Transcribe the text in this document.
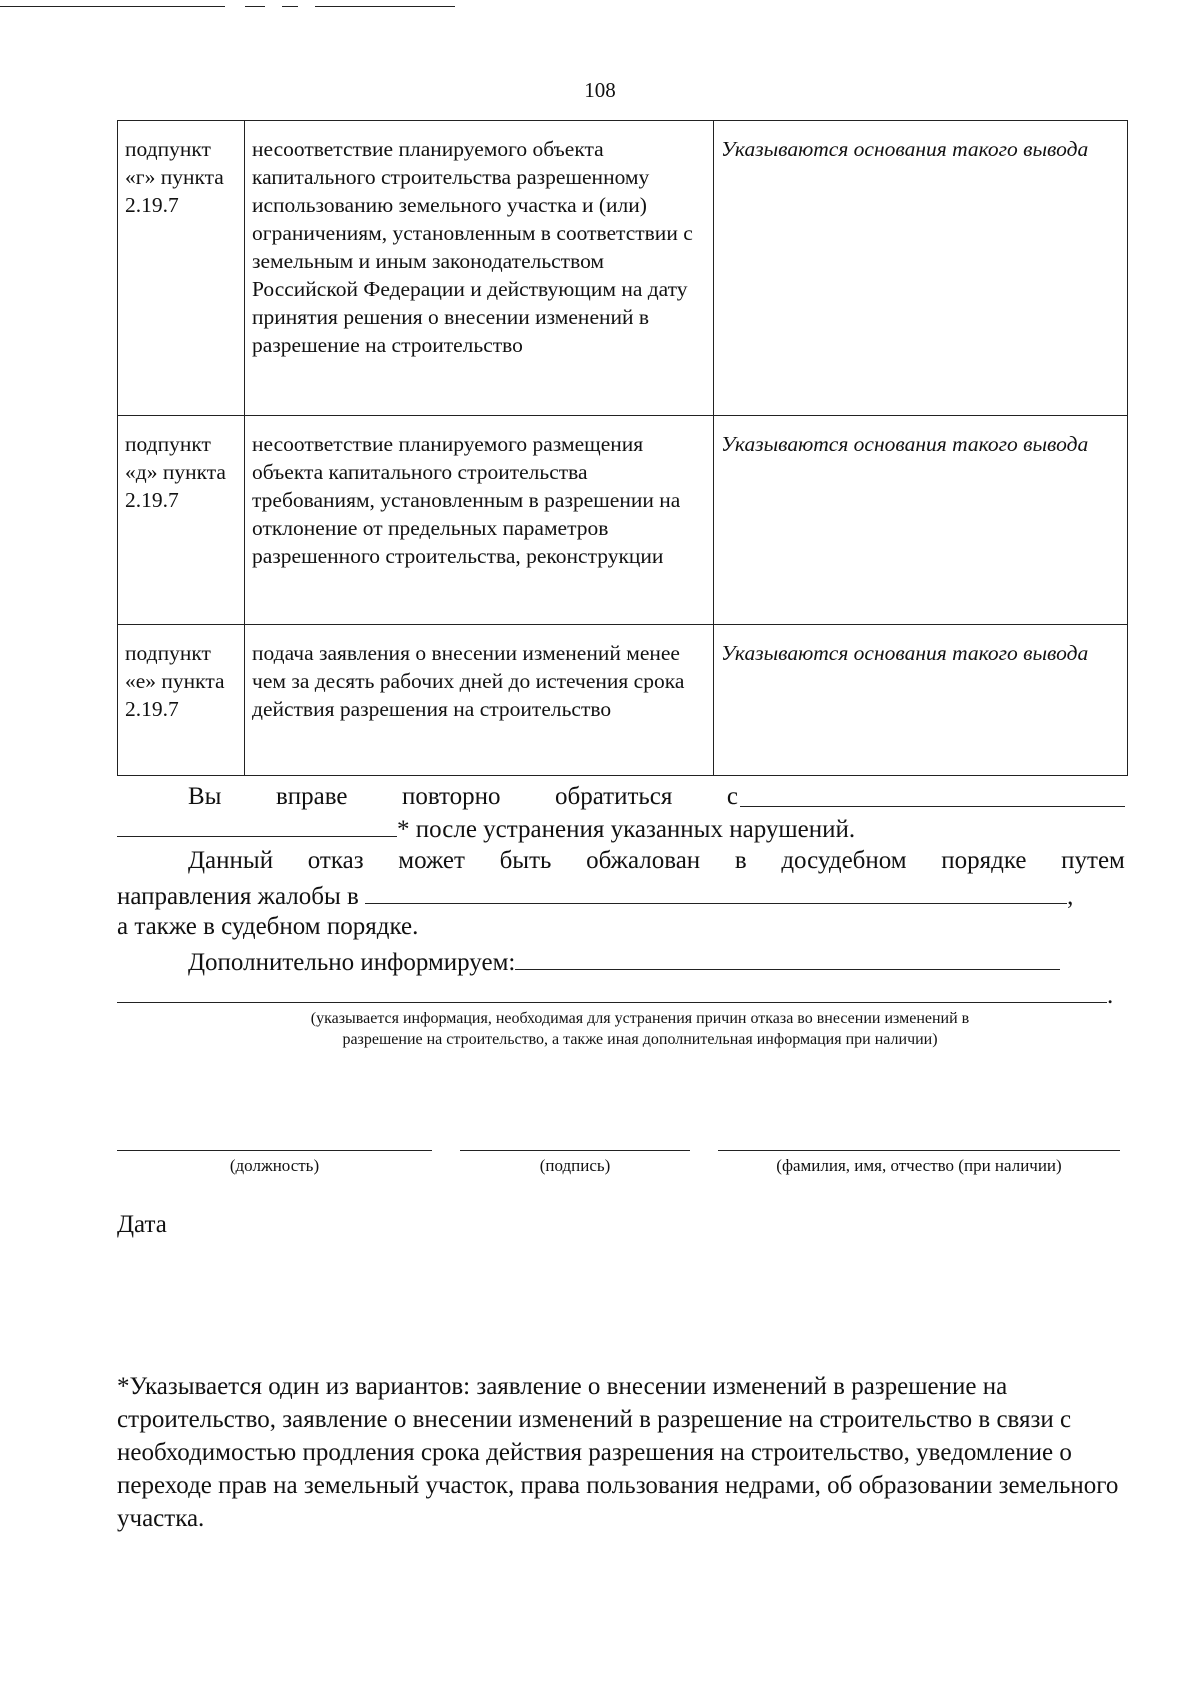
108
подпункт «г» пункта 2.19.7	несоответствие планируемого объекта капитального строительства разрешенному использованию земельного участка и (или) ограничениям, установленным в соответствии с земельным и иным законодательством Российской Федерации и действующим на дату принятия решения о внесении изменений в разрешение на строительство	Указываются основания такого вывода
подпункт «д» пункта 2.19.7	несоответствие планируемого размещения объекта капитального строительства требованиям, установленным в разрешении на отклонение от предельных параметров разрешенного строительства, реконструкции	Указываются основания такого вывода
подпункт «е» пункта 2.19.7	подача заявления о внесении изменений менее чем за десять рабочих дней до истечения срока действия разрешения на строительство	Указываются основания такого вывода
Вы вправе повторно обратиться с
* после устранения указанных нарушений.
Данный отказ может быть обжалован в досудебном порядке путем
направления жалобы в	,
а также в судебном порядке.
Дополнительно информируем:
.
(указывается информация, необходимая для устранения причин отказа во внесении изменений в
разрешение на строительство, а также иная дополнительная информация при наличии)
(должность)	(подпись)	(фамилия, имя, отчество (при наличии)
Дата
*Указывается один из вариантов: заявление о внесении изменений в разрешение на строительство, заявление о внесении изменений в разрешение на строительство в связи с необходимостью продления срока действия разрешения на строительство, уведомление о переходе прав на земельный участок, права пользования недрами, об образовании земельного участка.
